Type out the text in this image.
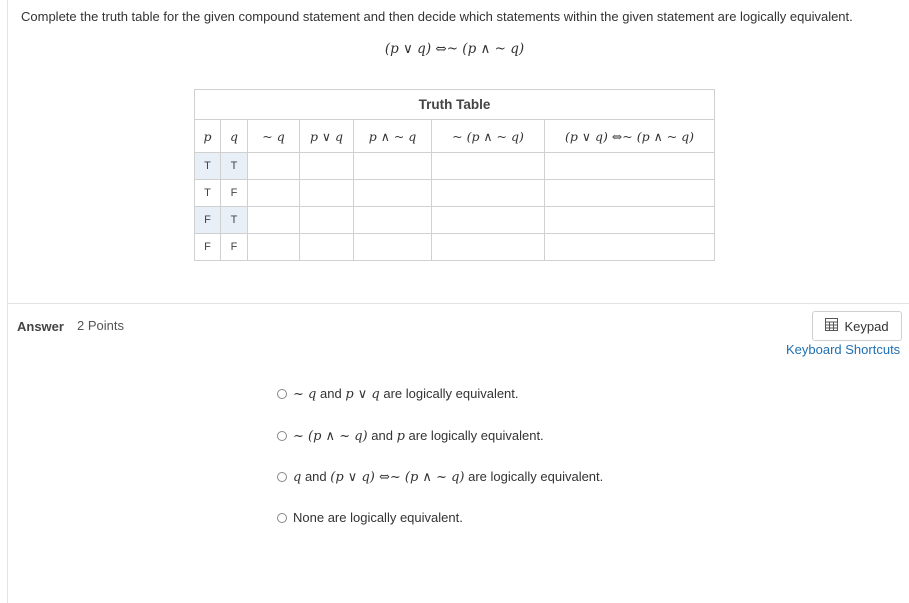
Complete the truth table for the given compound statement and then decide which statements within the given statement are logically equivalent.
(p ∨ q) ⇔~ (p ∧ ~ q)
Truth Table						
p	q	~ q	p ∨ q	p ∧ ~ q	~ (p ∧ ~ q)	(p ∨ q) ⇔~ (p ∧ ~ q)
T	T					
T	F					
F	T					
F	F					
Answer 2 Points	Keypad
Keyboard Shortcuts
~ q and p ∨ q are logically equivalent.
~ (p ∧ ~ q) and p are logically equivalent.
q and (p ∨ q) ⇔~ (p ∧ ~ q) are logically equivalent.
None are logically equivalent.
